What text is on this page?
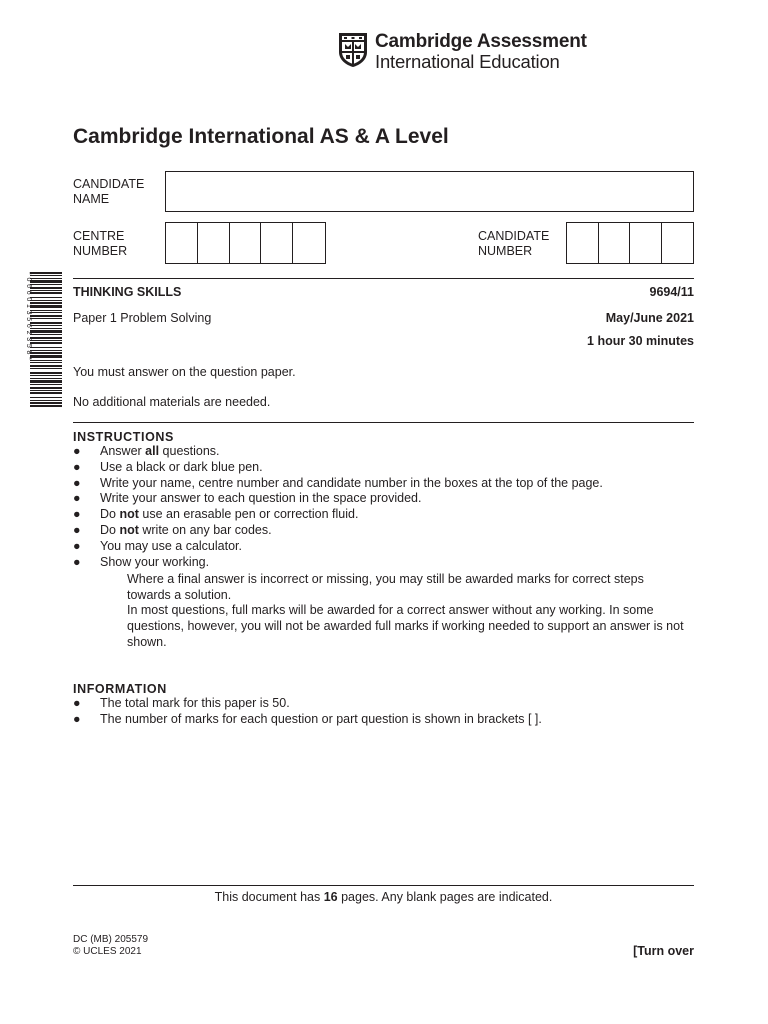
Cambridge Assessment
International Education
Cambridge International AS & A Level
CANDIDATE
NAME
CENTRE
NUMBER
CANDIDATE
NUMBER
* 0 6 6 0 1 3 5 6 2 3 5 8 *	THINKING SKILLS	9694/11
Paper 1 Problem Solving	May/June 2021
1 hour 30 minutes
You must answer on the question paper.
No additional materials are needed.
INSTRUCTIONS
● Answer all questions.
● Use a black or dark blue pen.
● Write your name, centre number and candidate number in the boxes at the top of the page.
● Write your answer to each question in the space provided.
● Do not use an erasable pen or correction fluid.
● Do not write on any bar codes.
● You may use a calculator.
● Show your working.
Where a final answer is incorrect or missing, you may still be awarded marks for correct steps towards a solution.
In most questions, full marks will be awarded for a correct answer without any working. In some questions, however, you will not be awarded full marks if working needed to support an answer is not shown.
INFORMATION
● The total mark for this paper is 50.
● The number of marks for each question or part question is shown in brackets [ ].
This document has 16 pages. Any blank pages are indicated.
DC (MB) 205579
© UCLES 2021	[Turn over
